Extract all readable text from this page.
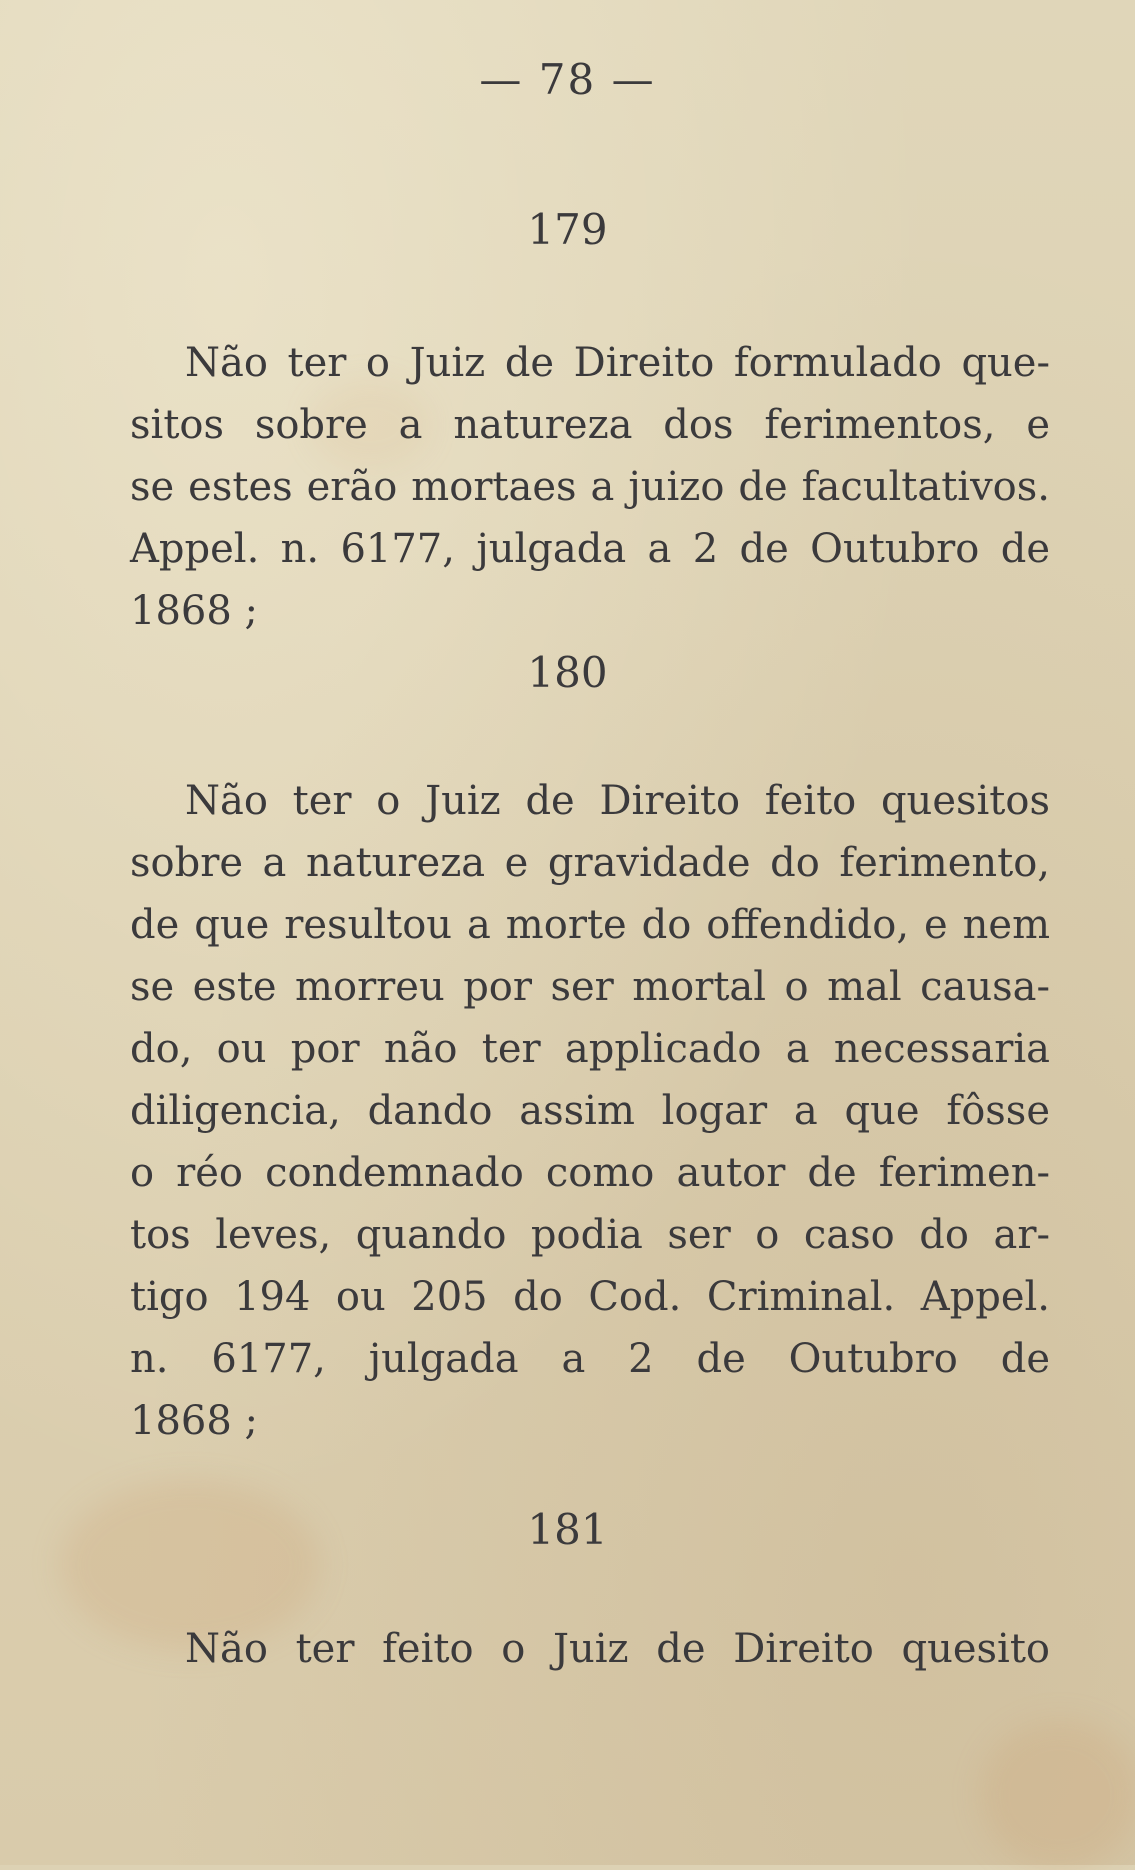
— 78 —
179

Não ter o Juiz de Direito formulado que-
sitos sobre a natureza dos ferimentos, e
se estes erão mortaes a juizo de facultativos.
Appel. n. 6177, julgada a 2 de Outubro de
1868 ;

180

Não ter o Juiz de Direito feito quesitos
sobre a natureza e gravidade do ferimento,
de que resultou a morte do offendido, e nem
se este morreu por ser mortal o mal causa-
do, ou por não ter applicado a necessaria
diligencia, dando assim logar a que fôsse
o réo condemnado como autor de ferimen-
tos leves, quando podia ser o caso do ar-
tigo 194 ou 205 do Cod. Criminal. Appel.
n. 6177, julgada a 2 de Outubro de
1868 ;

181

Não ter feito o Juiz de Direito quesito
